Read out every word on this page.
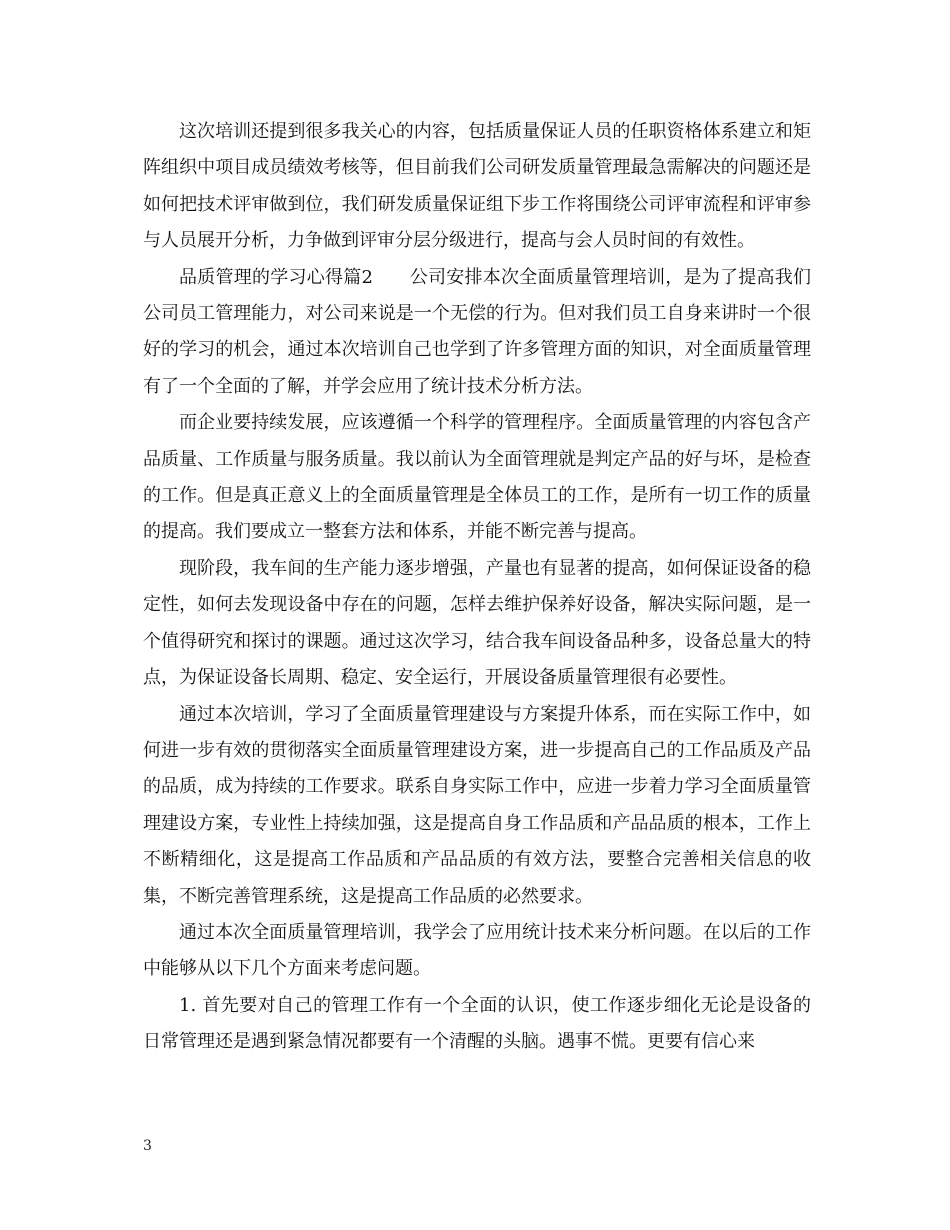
这次培训还提到很多我关心的内容，包括质量保证人员的任职资格体系建立和矩阵组织中项目成员绩效考核等，但目前我们公司研发质量管理最急需解决的问题还是如何把技术评审做到位，我们研发质量保证组下步工作将围绕公司评审流程和评审参与人员展开分析，力争做到评审分层分级进行，提高与会人员时间的有效性。

品质管理的学习心得篇2　　公司安排本次全面质量管理培训，是为了提高我们公司员工管理能力，对公司来说是一个无偿的行为。但对我们员工自身来讲时一个很好的学习的机会，通过本次培训自己也学到了许多管理方面的知识，对全面质量管理有了一个全面的了解，并学会应用了统计技术分析方法。

而企业要持续发展，应该遵循一个科学的管理程序。全面质量管理的内容包含产品质量、工作质量与服务质量。我以前认为全面管理就是判定产品的好与坏，是检查的工作。但是真正意义上的全面质量管理是全体员工的工作，是所有一切工作的质量的提高。我们要成立一整套方法和体系，并能不断完善与提高。

现阶段，我车间的生产能力逐步增强，产量也有显著的提高，如何保证设备的稳定性，如何去发现设备中存在的问题，怎样去维护保养好设备，解决实际问题，是一个值得研究和探讨的课题。通过这次学习，结合我车间设备品种多，设备总量大的特点，为保证设备长周期、稳定、安全运行，开展设备质量管理很有必要性。

通过本次培训，学习了全面质量管理建设与方案提升体系，而在实际工作中，如何进一步有效的贯彻落实全面质量管理建设方案，进一步提高自己的工作品质及产品的品质，成为持续的工作要求。联系自身实际工作中，应进一步着力学习全面质量管理建设方案，专业性上持续加强，这是提高自身工作品质和产品品质的根本，工作上不断精细化，这是提高工作品质和产品品质的有效方法，要整合完善相关信息的收集，不断完善管理系统，这是提高工作品质的必然要求。

通过本次全面质量管理培训，我学会了应用统计技术来分析问题。在以后的工作中能够从以下几个方面来考虑问题。

1. 首先要对自己的管理工作有一个全面的认识，使工作逐步细化无论是设备的日常管理还是遇到紧急情况都要有一个清醒的头脑。遇事不慌。更要有信心来

3
